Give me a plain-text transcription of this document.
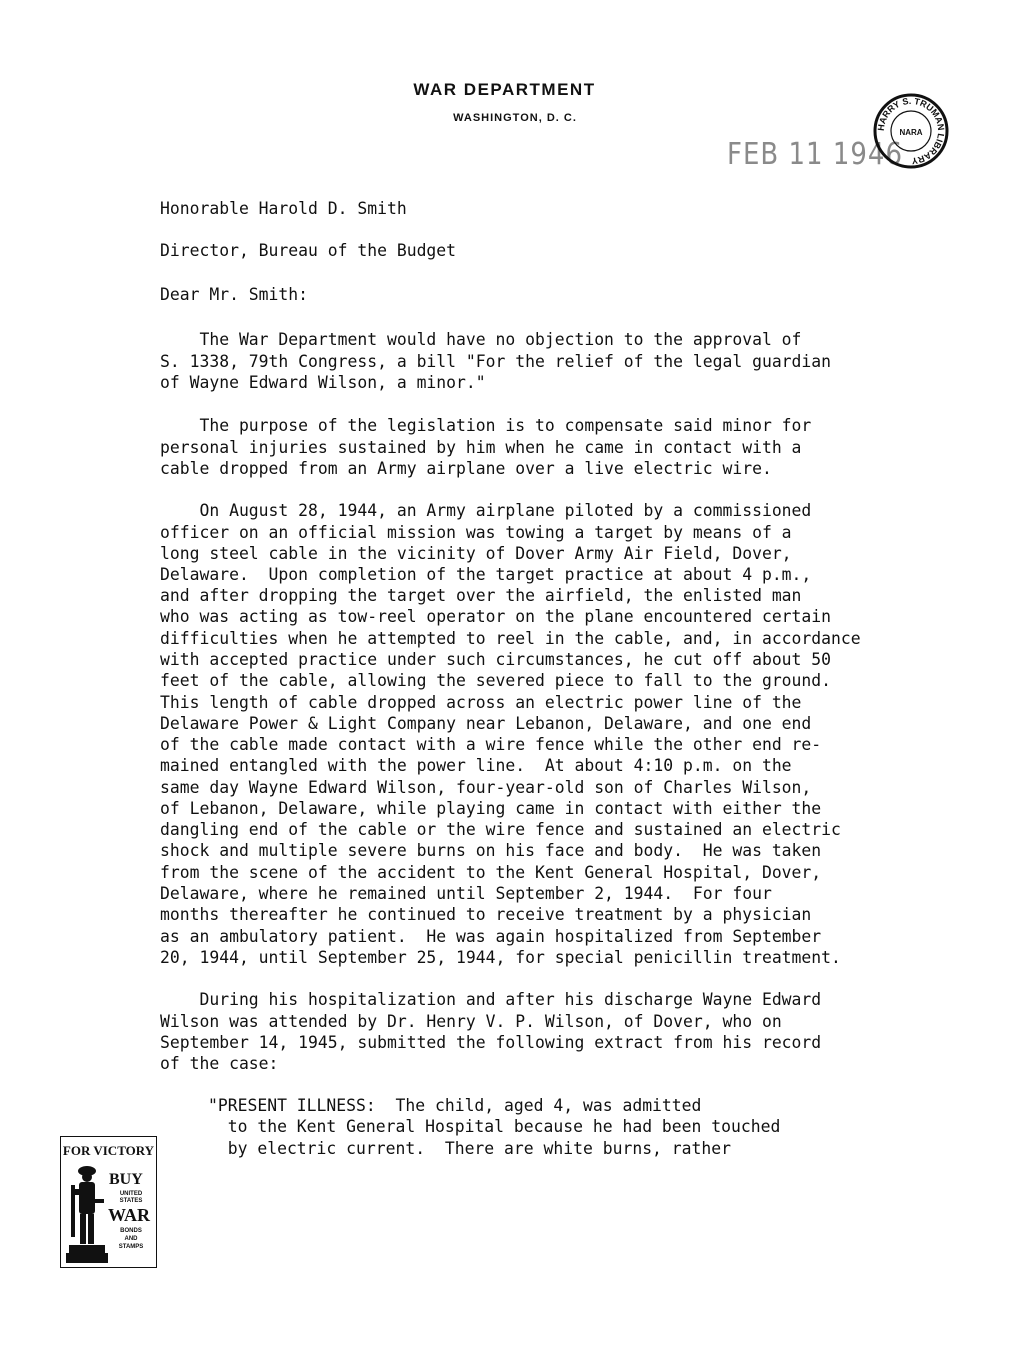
WAR DEPARTMENT
WASHINGTON, D. C.
FEB 11 1946
HARRY S. TRUMAN LIBRARY
NARA
Honorable Harold D. Smith
Director, Bureau of the Budget
Dear Mr. Smith:
The War Department would have no objection to the approval of
S. 1338, 79th Congress, a bill "For the relief of the legal guardian
of Wayne Edward Wilson, a minor."
The purpose of the legislation is to compensate said minor for
personal injuries sustained by him when he came in contact with a
cable dropped from an Army airplane over a live electric wire.
On August 28, 1944, an Army airplane piloted by a commissioned
officer on an official mission was towing a target by means of a
long steel cable in the vicinity of Dover Army Air Field, Dover,
Delaware.  Upon completion of the target practice at about 4 p.m.,
and after dropping the target over the airfield, the enlisted man
who was acting as tow-reel operator on the plane encountered certain
difficulties when he attempted to reel in the cable, and, in accordance
with accepted practice under such circumstances, he cut off about 50
feet of the cable, allowing the severed piece to fall to the ground.
This length of cable dropped across an electric power line of the
Delaware Power & Light Company near Lebanon, Delaware, and one end
of the cable made contact with a wire fence while the other end re-
mained entangled with the power line.  At about 4:10 p.m. on the
same day Wayne Edward Wilson, four-year-old son of Charles Wilson,
of Lebanon, Delaware, while playing came in contact with either the
dangling end of the cable or the wire fence and sustained an electric
shock and multiple severe burns on his face and body.  He was taken
from the scene of the accident to the Kent General Hospital, Dover,
Delaware, where he remained until September 2, 1944.  For four
months thereafter he continued to receive treatment by a physician
as an ambulatory patient.  He was again hospitalized from September
20, 1944, until September 25, 1944, for special penicillin treatment.
During his hospitalization and after his discharge Wayne Edward
Wilson was attended by Dr. Henry V. P. Wilson, of Dover, who on
September 14, 1945, submitted the following extract from his record
of the case:
"PRESENT ILLNESS:  The child, aged 4, was admitted
to the Kent General Hospital because he had been touched
by electric current.  There are white burns, rather
FOR VICTORY
BUY
UNITED
STATES
WAR
BONDS
AND
STAMPS
